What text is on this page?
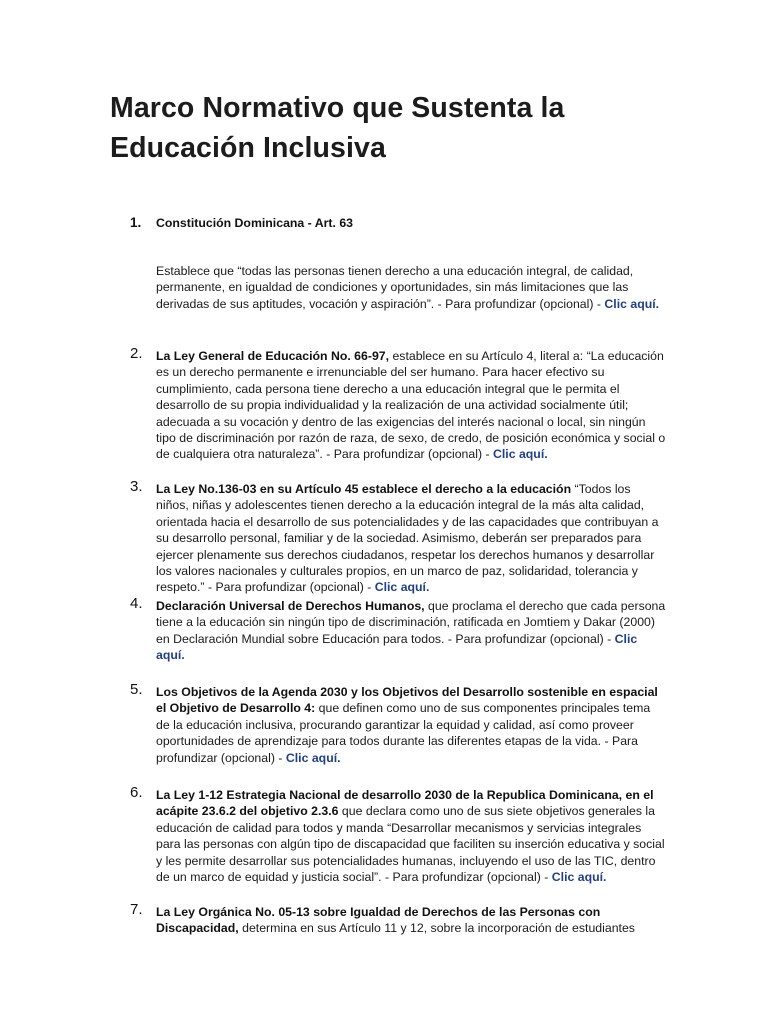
Marco Normativo que Sustenta la Educación Inclusiva
1.	Constitución Dominicana - Art. 63
Establece que “todas las personas tienen derecho a una educación integral, de calidad, permanente, en igualdad de condiciones y oportunidades, sin más limitaciones que las derivadas de sus aptitudes, vocación y aspiración”. - Para profundizar (opcional) - Clic aquí.
2.	La Ley General de Educación No. 66-97, establece en su Artículo 4, literal a: “La educación es un derecho permanente e irrenunciable del ser humano. Para hacer efectivo su cumplimiento, cada persona tiene derecho a una educación integral que le permita el desarrollo de su propia individualidad y la realización de una actividad socialmente útil; adecuada a su vocación y dentro de las exigencias del interés nacional o local, sin ningún tipo de discriminación por razón de raza, de sexo, de credo, de posición económica y social o de cualquiera otra naturaleza”. - Para profundizar (opcional) - Clic aquí.
3.	La Ley No.136-03 en su Artículo 45 establece el derecho a la educación “Todos los niños, niñas y adolescentes tienen derecho a la educación integral de la más alta calidad, orientada hacia el desarrollo de sus potencialidades y de las capacidades que contribuyan a su desarrollo personal, familiar y de la sociedad. Asimismo, deberán ser preparados para ejercer plenamente sus derechos ciudadanos, respetar los derechos humanos y desarrollar los valores nacionales y culturales propios, en un marco de paz, solidaridad, tolerancia y respeto.” - Para profundizar (opcional) - Clic aquí.
4.	Declaración Universal de Derechos Humanos, que proclama el derecho que cada persona tiene a la educación sin ningún tipo de discriminación, ratificada en Jomtiem y Dakar (2000) en Declaración Mundial sobre Educación para todos. - Para profundizar (opcional) - Clic aquí.
5.	Los Objetivos de la Agenda 2030 y los Objetivos del Desarrollo sostenible en espacial el Objetivo de Desarrollo 4: que definen como uno de sus componentes principales tema de la educación inclusiva, procurando garantizar la equidad y calidad, así como proveer oportunidades de aprendizaje para todos durante las diferentes etapas de la vida. - Para profundizar (opcional) - Clic aquí.
6.	La Ley 1-12 Estrategia Nacional de desarrollo 2030 de la Republica Dominicana, en el acápite 23.6.2 del objetivo 2.3.6 que declara como uno de sus siete objetivos generales la educación de calidad para todos y manda “Desarrollar mecanismos y servicias integrales para las personas con algún tipo de discapacidad que faciliten su inserción educativa y social y les permite desarrollar sus potencialidades humanas, incluyendo el uso de las TIC, dentro de un marco de equidad y justicia social”. - Para profundizar (opcional) - Clic aquí.
7.	La Ley Orgánica No. 05-13 sobre Igualdad de Derechos de las Personas con Discapacidad, determina en sus Artículo 11 y 12, sobre la incorporación de estudiantes
